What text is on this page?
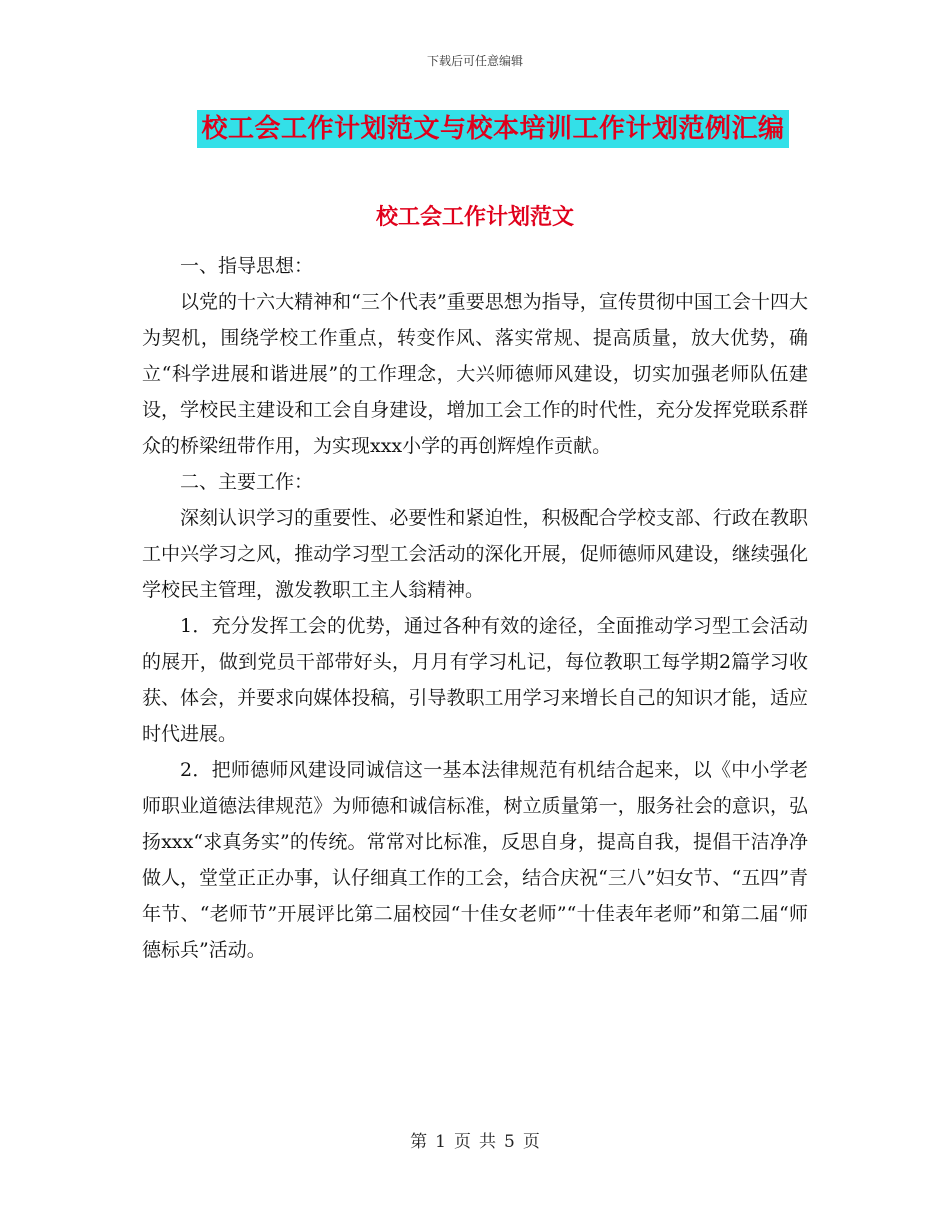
下载后可任意编辑
校工会工作计划范文与校本培训工作计划范例汇编
校工会工作计划范文

一、指导思想：

以党的十六大精神和“三个代表”重要思想为指导，宣传贯彻中国工会十四大为契机，围绕学校工作重点，转变作风、落实常规、提高质量，放大优势，确立“科学进展和谐进展”的工作理念，大兴师德师风建设，切实加强老师队伍建设，学校民主建设和工会自身建设，增加工会工作的时代性，充分发挥党联系群众的桥梁纽带作用，为实现xxx小学的再创辉煌作贡献。

二、主要工作：

深刻认识学习的重要性、必要性和紧迫性，积极配合学校支部、行政在教职工中兴学习之风，推动学习型工会活动的深化开展，促师德师风建设，继续强化学校民主管理，激发教职工主人翁精神。

1．充分发挥工会的优势，通过各种有效的途径，全面推动学习型工会活动的展开，做到党员干部带好头，月月有学习札记，每位教职工每学期2篇学习收获、体会，并要求向媒体投稿，引导教职工用学习来增长自己的知识才能，适应时代进展。

2．把师德师风建设同诚信这一基本法律规范有机结合起来，以《中小学老师职业道德法律规范》为师德和诚信标准，树立质量第一，服务社会的意识，弘扬xxx“求真务实”的传统。常常对比标准，反思自身，提高自我，提倡干洁净净做人，堂堂正正办事，认仔细真工作的工会，结合庆祝“三八”妇女节、“五四”青年节、“老师节”开展评比第二届校园“十佳女老师”“十佳表年老师”和第二届“师德标兵”活动。

第 1 页 共 5 页
